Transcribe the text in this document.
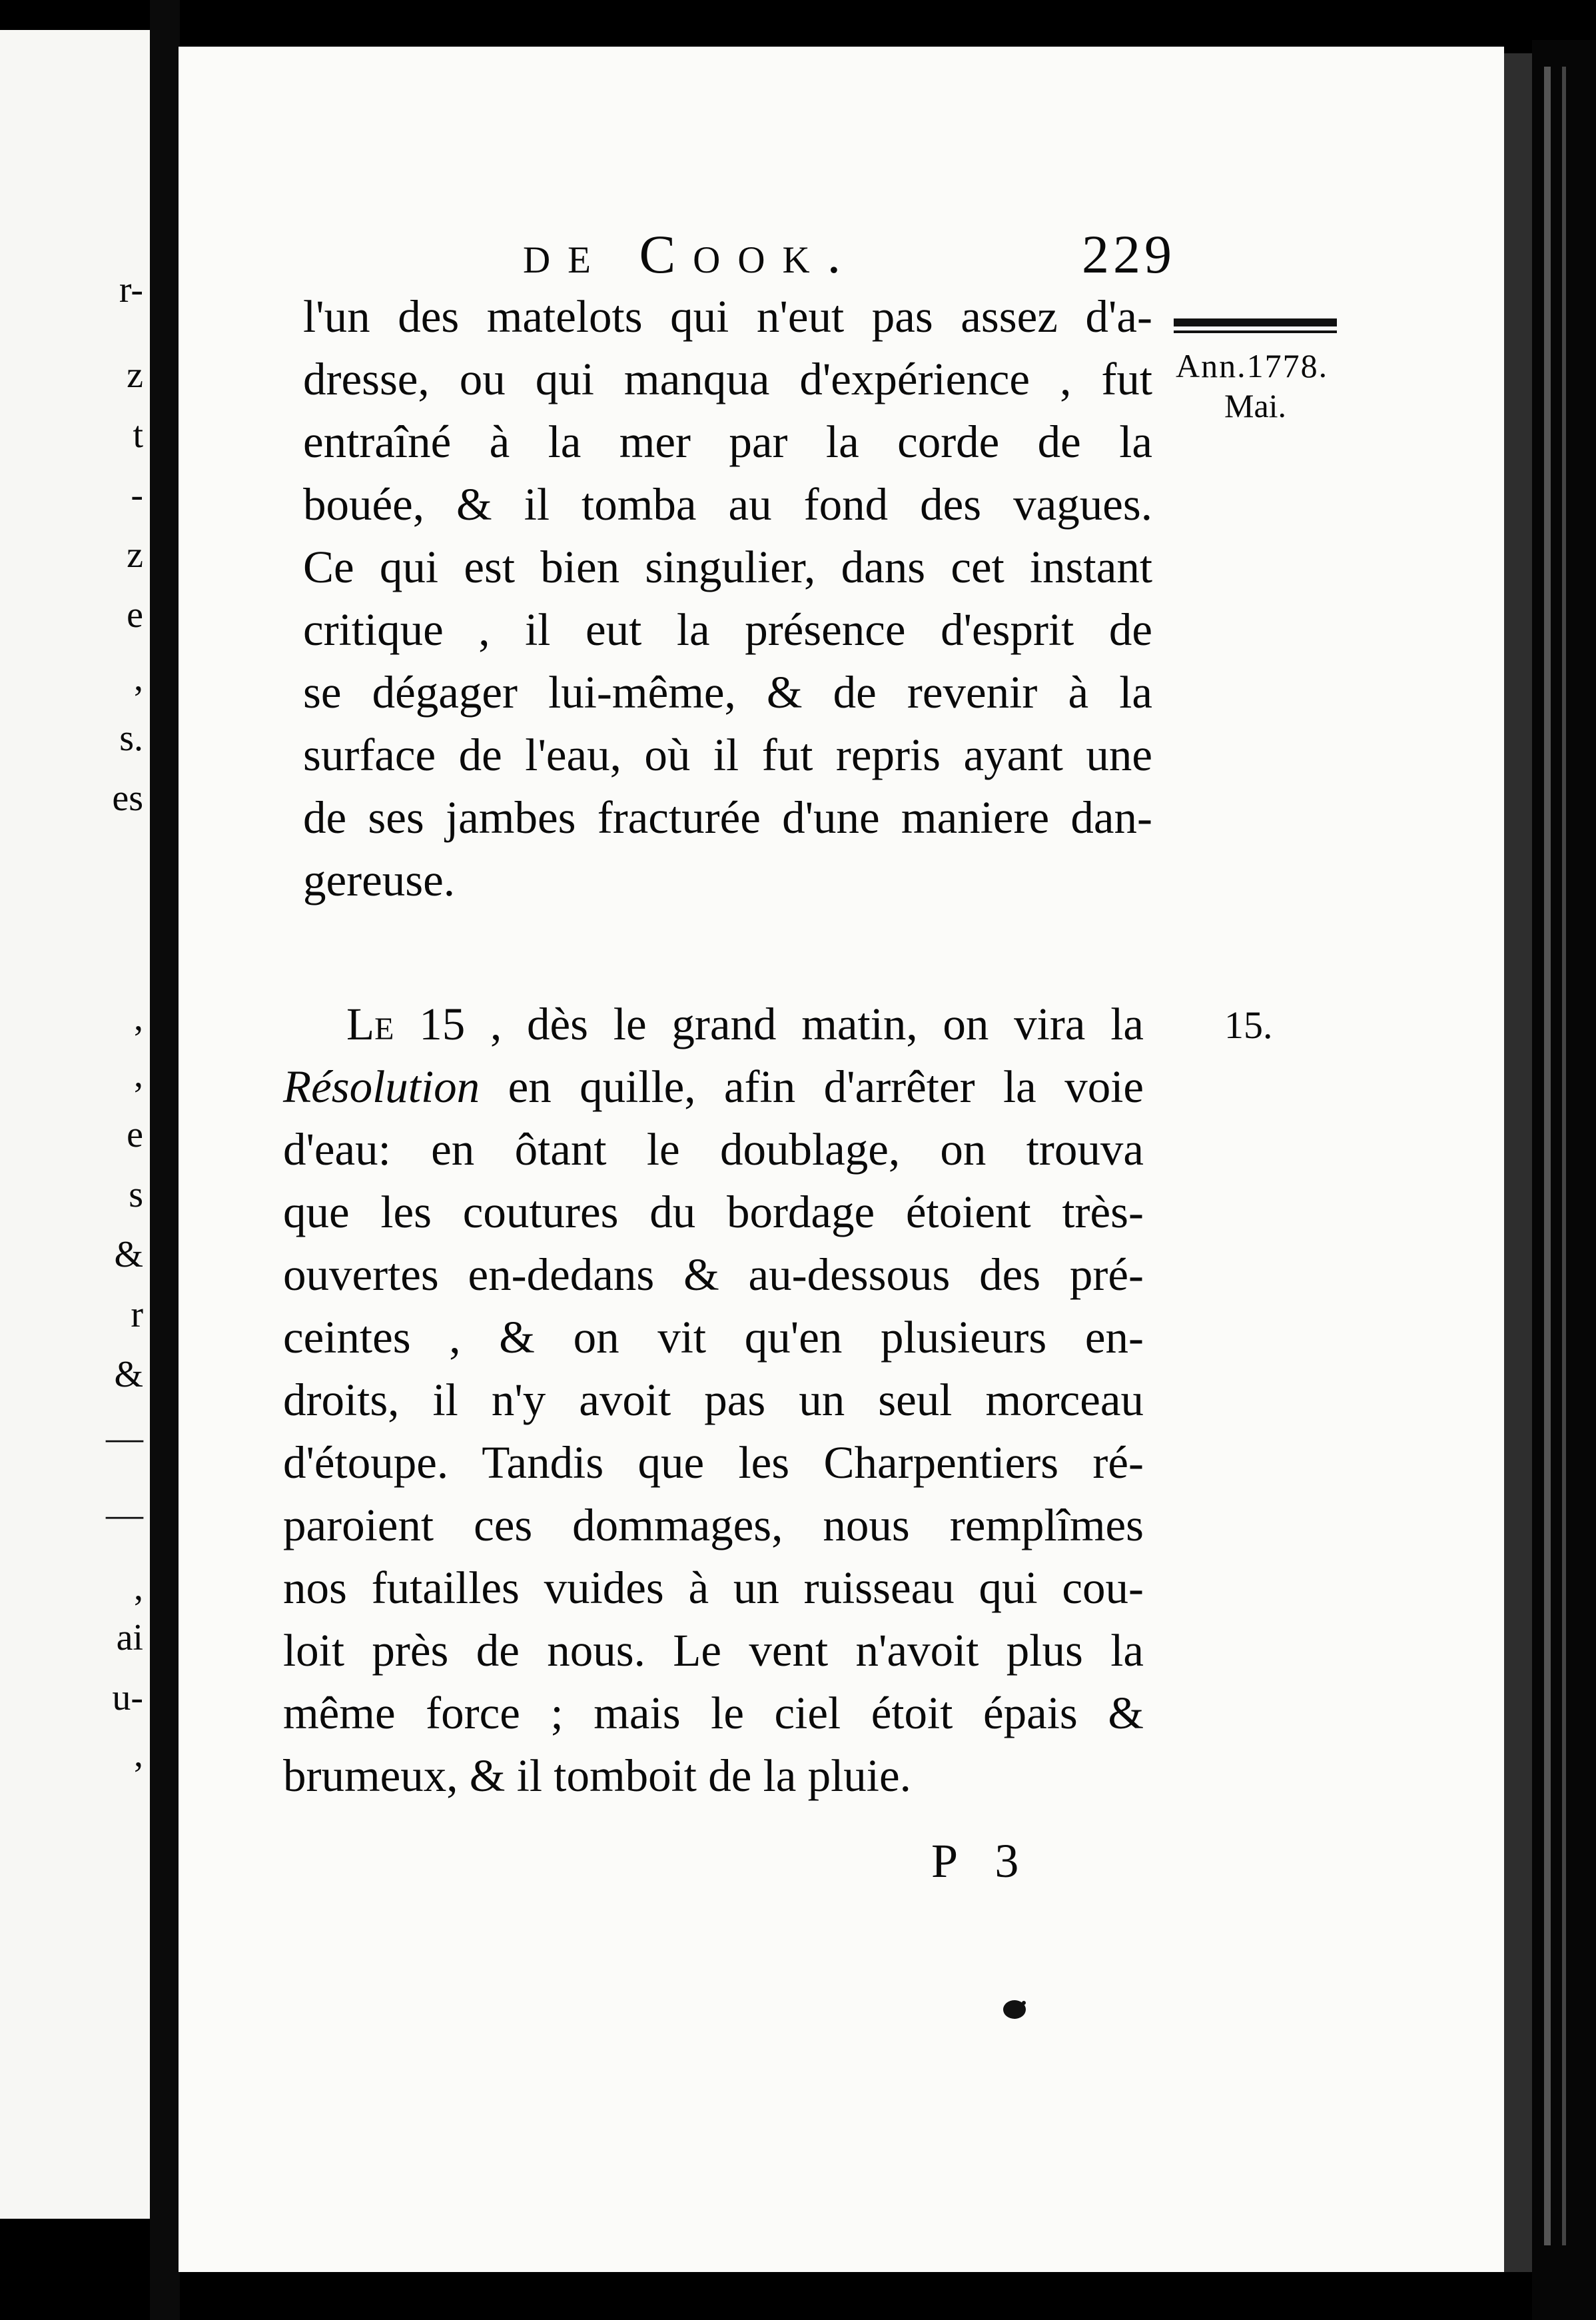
r-
z
t
-
z
e
,
s.
es
,
,
e
s
&
r
&
—
—
,
ai
u-
,
de Cook.	229
Ann.1778.
Mai.
15.
l'un des matelots qui n'eut pas assez d'a-
dresse, ou qui manqua d'expérience , fut
entraîné à la mer par la corde de la
bouée, & il tomba au fond des vagues.
Ce qui est bien singulier, dans cet instant
critique , il eut la présence d'esprit de
se dégager lui-même, & de revenir à la
surface de l'eau, où il fut repris ayant une
de ses jambes fracturée d'une maniere dan-
gereuse.
Le 15 , dès le grand matin, on vira la
Résolution en quille, afin d'arrêter la voie
d'eau: en ôtant le doublage, on trouva
que les coutures du bordage étoient très-
ouvertes en-dedans & au-dessous des pré-
ceintes , & on vit qu'en plusieurs en-
droits, il n'y avoit pas un seul morceau
d'étoupe. Tandis que les Charpentiers ré-
paroient ces dommages, nous remplîmes
nos futailles vuides à un ruisseau qui cou-
loit près de nous. Le vent n'avoit plus la
même force ; mais le ciel étoit épais &
brumeux, & il tomboit de la pluie.
P 3
